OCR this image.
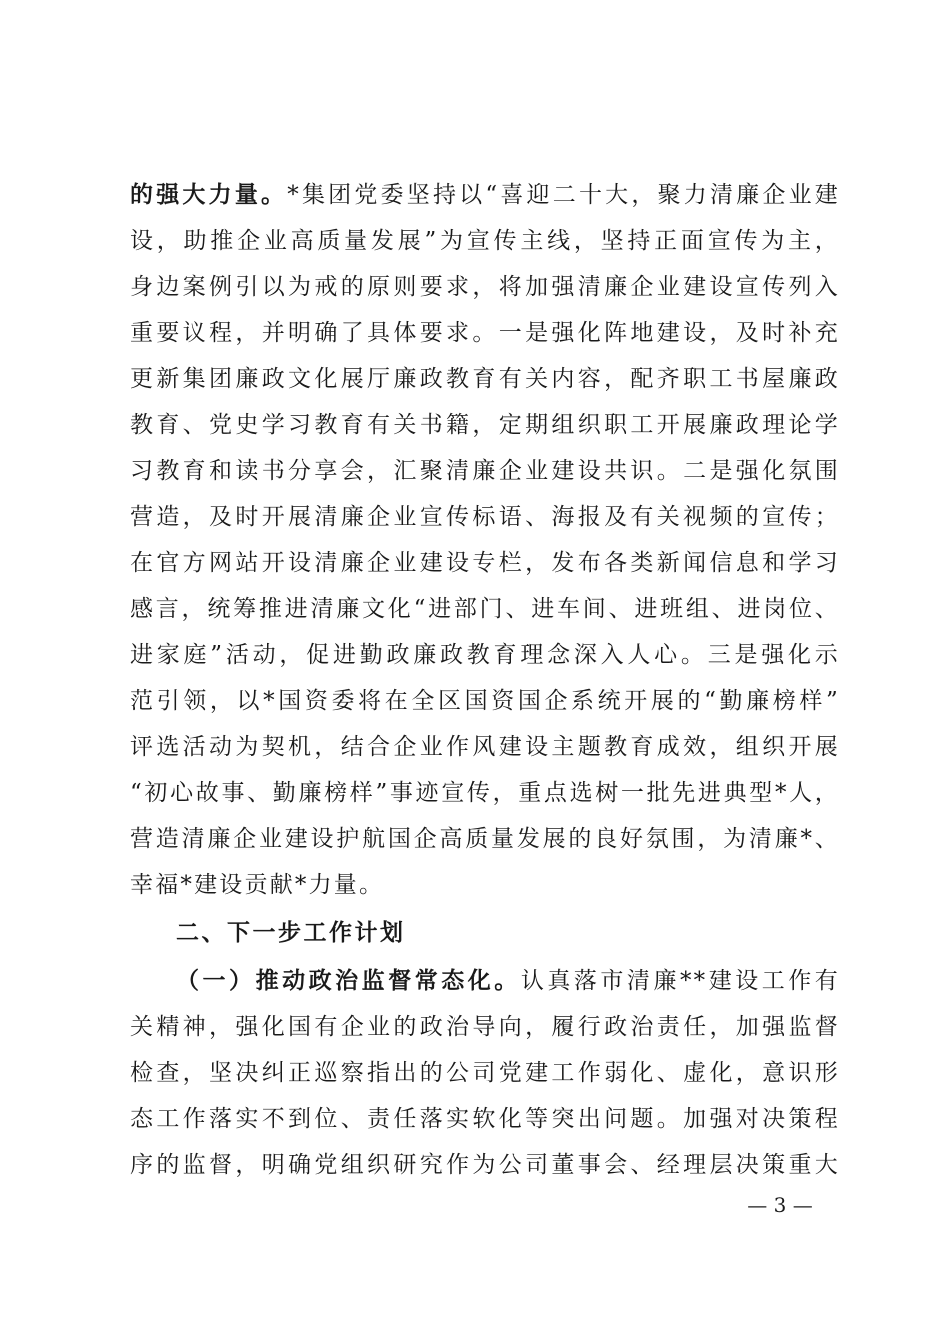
的强大力量。*集团党委坚持以“喜迎二十大，聚力清廉企业建
设，助推企业高质量发展”为宣传主线，坚持正面宣传为主，
身边案例引以为戒的原则要求，将加强清廉企业建设宣传列入
重要议程，并明确了具体要求。一是强化阵地建设，及时补充
更新集团廉政文化展厅廉政教育有关内容，配齐职工书屋廉政
教育、党史学习教育有关书籍，定期组织职工开展廉政理论学
习教育和读书分享会，汇聚清廉企业建设共识。二是强化氛围
营造，及时开展清廉企业宣传标语、海报及有关视频的宣传；
在官方网站开设清廉企业建设专栏，发布各类新闻信息和学习
感言，统筹推进清廉文化“进部门、进车间、进班组、进岗位、
进家庭”活动，促进勤政廉政教育理念深入人心。三是强化示
范引领，以*国资委将在全区国资国企系统开展的“勤廉榜样”
评选活动为契机，结合企业作风建设主题教育成效，组织开展
“初心故事、勤廉榜样”事迹宣传，重点选树一批先进典型*人，
营造清廉企业建设护航国企高质量发展的良好氛围，为清廉*、
幸福*建设贡献*力量。
二、下一步工作计划
（一）推动政治监督常态化。认真落市清廉**建设工作有
关精神，强化国有企业的政治导向，履行政治责任，加强监督
检查，坚决纠正巡察指出的公司党建工作弱化、虚化，意识形
态工作落实不到位、责任落实软化等突出问题。加强对决策程
序的监督，明确党组织研究作为公司董事会、经理层决策重大
— 3 —
